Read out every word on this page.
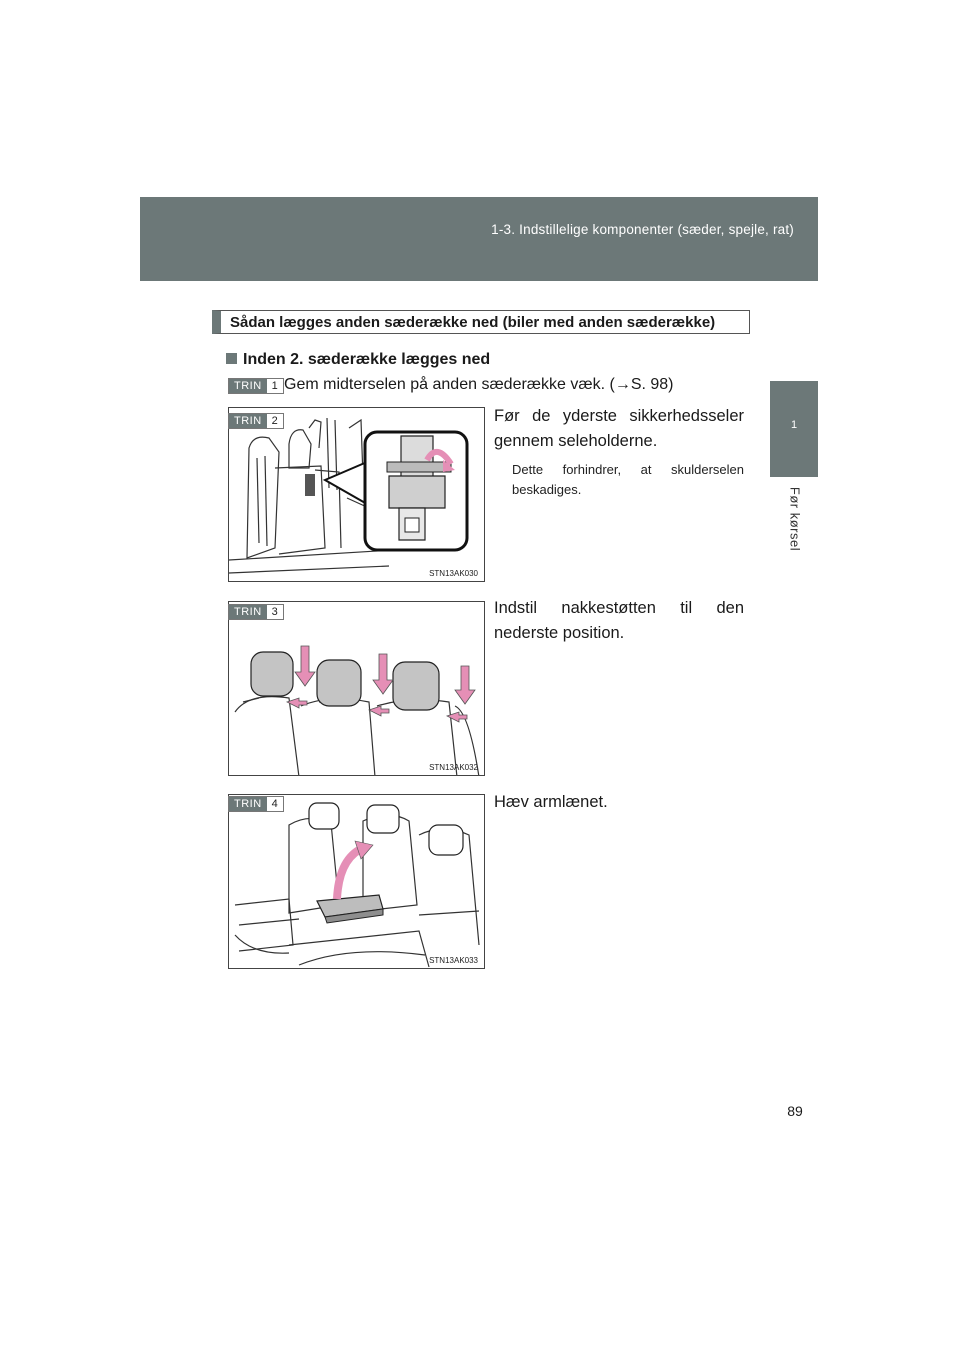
1-3. Indstillelige komponenter (sæder, spejle, rat)
1
Før kørsel
Sådan lægges anden sæderække ned (biler med anden sæderække)
Inden 2. sæderække lægges ned
TRIN 1 Gem midterselen på anden sæderække væk. (→S. 98)
STN13AK030
TRIN 2	Før de yderste sikkerhedsseler gennem seleholderne.
Dette forhindrer, at skulderselen beskadiges.
STN13AK032
TRIN 3	Indstil nakkestøtten til den nederste position.
STN13AK033
TRIN 4	Hæv armlænet.
89
